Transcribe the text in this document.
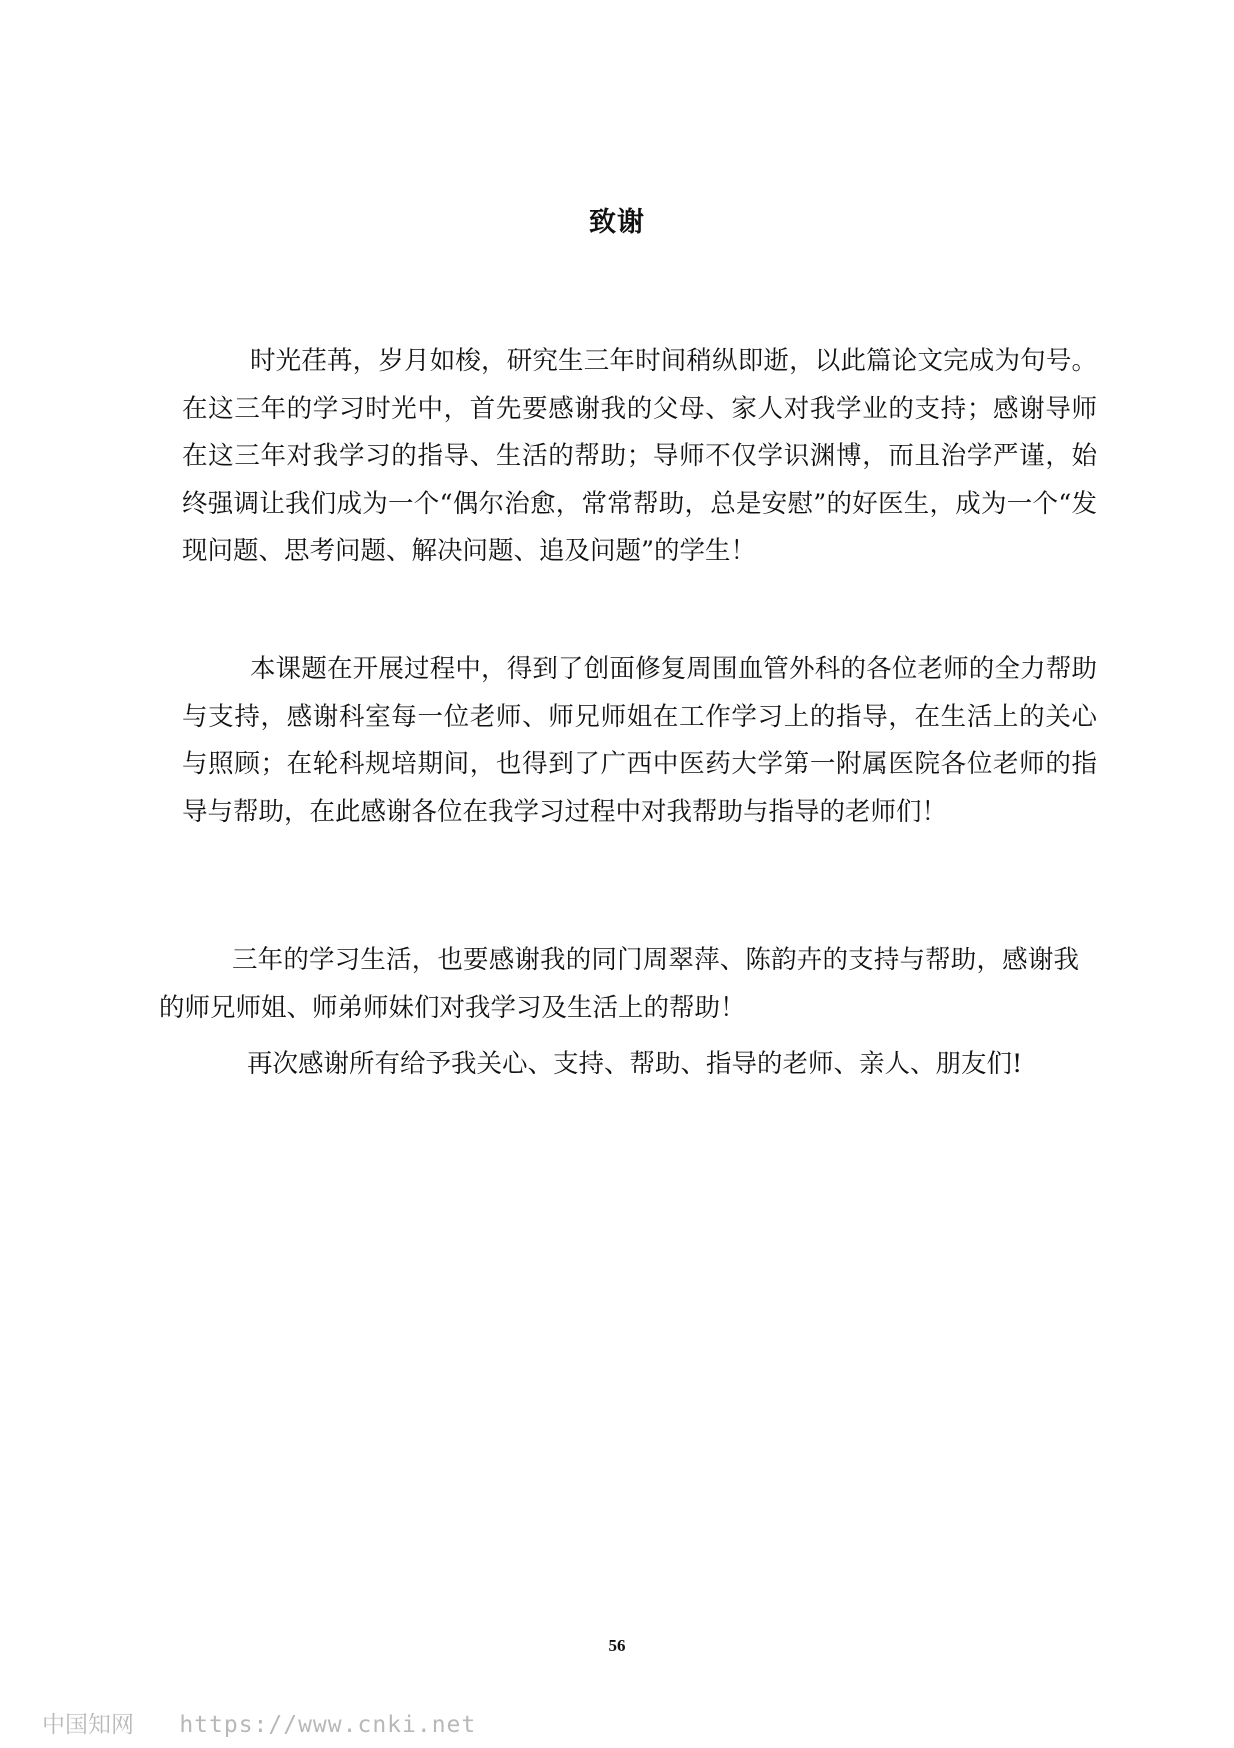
致谢

时光荏苒，岁月如梭，研究生三年时间稍纵即逝，以此篇论文完成为句号。在这三年的学习时光中，首先要感谢我的父母、家人对我学业的支持；感谢导师在这三年对我学习的指导、生活的帮助；导师不仅学识渊博，而且治学严谨，始终强调让我们成为一个“偶尔治愈，常常帮助，总是安慰”的好医生，成为一个“发现问题、思考问题、解决问题、追及问题”的学生！

本课题在开展过程中，得到了创面修复周围血管外科的各位老师的全力帮助与支持，感谢科室每一位老师、师兄师姐在工作学习上的指导，在生活上的关心与照顾；在轮科规培期间，也得到了广西中医药大学第一附属医院各位老师的指导与帮助，在此感谢各位在我学习过程中对我帮助与指导的老师们！

三年的学习生活，也要感谢我的同门周翠萍、陈韵卉的支持与帮助，感谢我的师兄师姐、师弟师妹们对我学习及生活上的帮助！

再次感谢所有给予我关心、支持、帮助、指导的老师、亲人、朋友们!

56
中国知网 https://www.cnki.net
